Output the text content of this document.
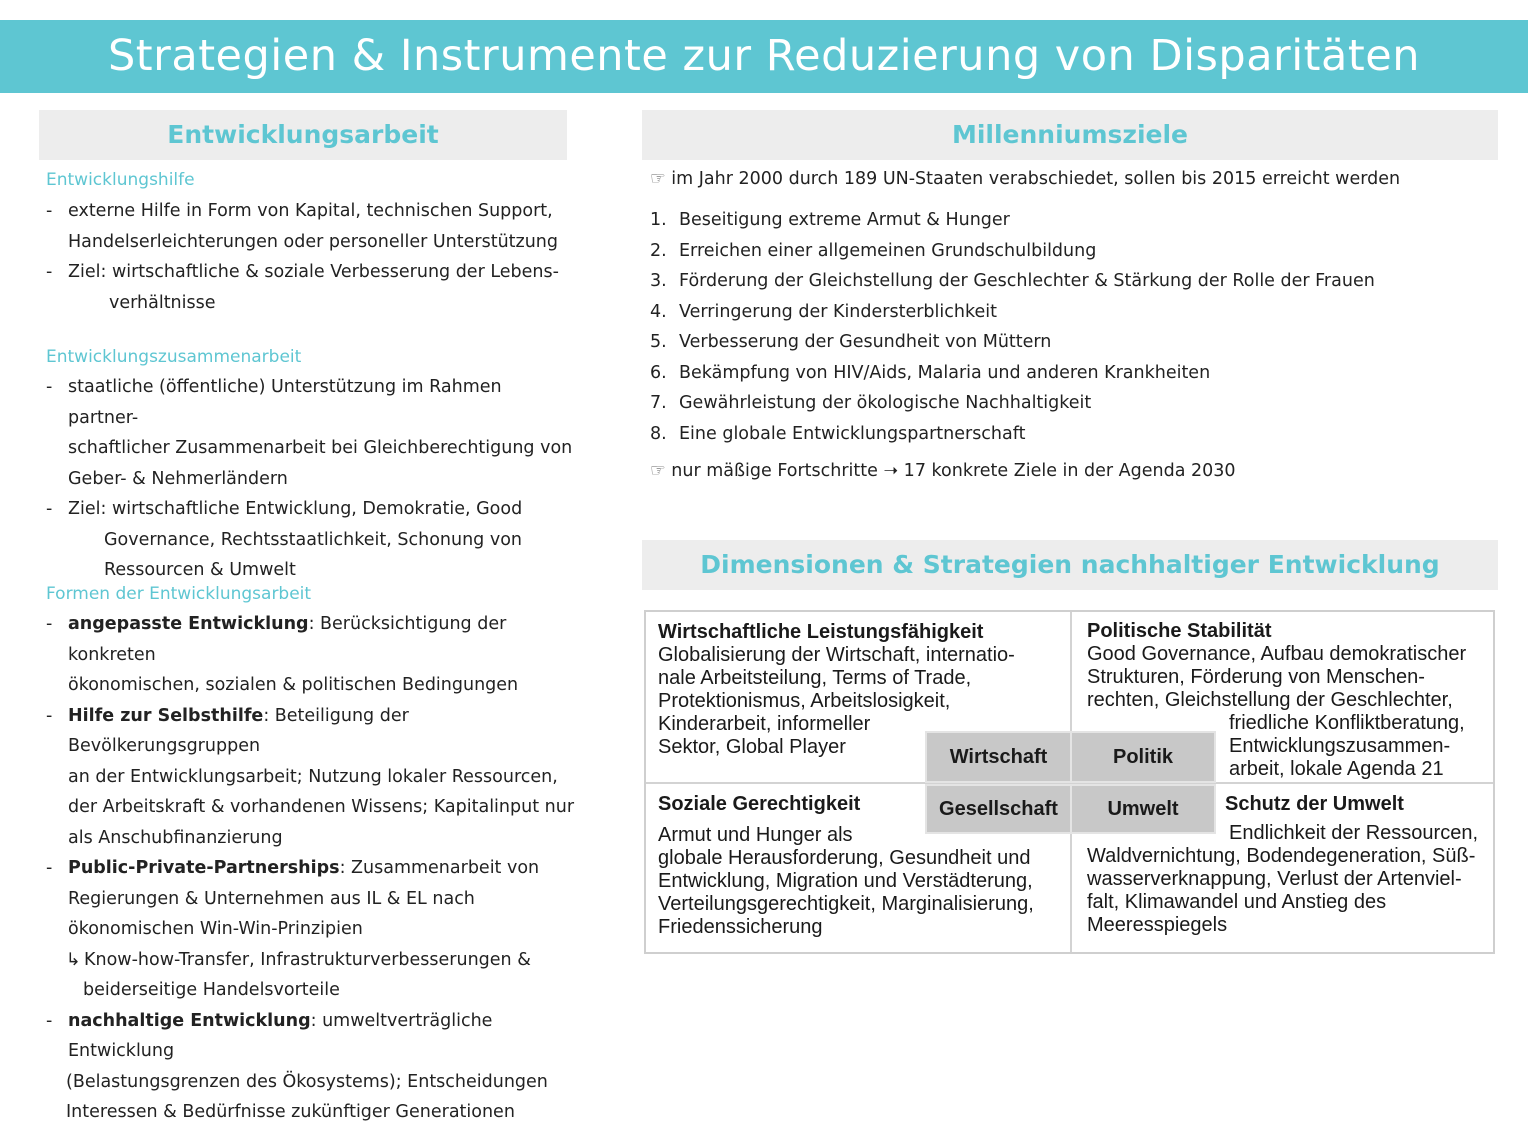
Strategien & Instrumente zur Reduzierung von Disparitäten
Entwicklungsarbeit
Entwicklungshilfe
- externe Hilfe in Form von Kapital, technischen Support,
Handelserleichterungen oder personeller Unterstützung
- Ziel: wirtschaftliche & soziale Verbesserung der Lebens-
verhältnisse
Entwicklungszusammenarbeit
- staatliche (öffentliche) Unterstützung im Rahmen partner-
schaftlicher Zusammenarbeit bei Gleichberechtigung von
Geber- & Nehmerländern
- Ziel: wirtschaftliche Entwicklung, Demokratie, Good
Governance, Rechtsstaatlichkeit, Schonung von
Ressourcen & Umwelt
Formen der Entwicklungsarbeit
- angepasste Entwicklung: Berücksichtigung der konkreten
ökonomischen, sozialen & politischen Bedingungen
- Hilfe zur Selbsthilfe: Beteiligung der Bevölkerungsgruppen
an der Entwicklungsarbeit; Nutzung lokaler Ressourcen,
der Arbeitskraft & vorhandenen Wissens; Kapitalinput nur
als Anschubfinanzierung
- Public-Private-Partnerships: Zusammenarbeit von
Regierungen & Unternehmen aus IL & EL nach
ökonomischen Win-Win-Prinzipien
↳ Know-how-Transfer, Infrastrukturverbesserungen &
beiderseitige Handelsvorteile
- nachhaltige Entwicklung: umweltverträgliche Entwicklung
(Belastungsgrenzen des Ökosystems); Entscheidungen
Interessen & Bedürfnisse zukünftiger Generationen
Millenniumsziele
☞ im Jahr 2000 durch 189 UN-Staaten verabschiedet, sollen bis 2015 erreicht werden
1. Beseitigung extreme Armut & Hunger
2. Erreichen einer allgemeinen Grundschulbildung
3. Förderung der Gleichstellung der Geschlechter & Stärkung der Rolle der Frauen
4. Verringerung der Kindersterblichkeit
5. Verbesserung der Gesundheit von Müttern
6. Bekämpfung von HIV/Aids, Malaria und anderen Krankheiten
7. Gewährleistung der ökologische Nachhaltigkeit
8. Eine globale Entwicklungspartnerschaft
☞ nur mäßige Fortschritte ➝ 17 konkrete Ziele in der Agenda 2030
Dimensionen & Strategien nachhaltiger Entwicklung
Wirtschaftliche Leistungsfähigkeit
Globalisierung der Wirtschaft, internatio-
nale Arbeitsteilung, Terms of Trade,
Protektionismus, Arbeitslosigkeit,
Kinderarbeit, informeller
Sektor, Global Player
Politische Stabilität
Good Governance, Aufbau demokratischer
Strukturen, Förderung von Menschen-
rechten, Gleichstellung der Geschlechter,
friedliche Konfliktberatung,
Entwicklungszusammen-
arbeit, lokale Agenda 21
Soziale Gerechtigkeit
Armut und Hunger als
globale Herausforderung, Gesundheit und
Entwicklung, Migration und Verstädterung,
Verteilungsgerechtigkeit, Marginalisierung,
Friedenssicherung
Schutz der Umwelt
Endlichkeit der Ressourcen,
Waldvernichtung, Bodendegeneration, Süß-
wasserverknappung, Verlust der Artenviel-
falt, Klimawandel und Anstieg des
Meeresspiegels
Wirtschaft	Politik
Gesellschaft	Umwelt
